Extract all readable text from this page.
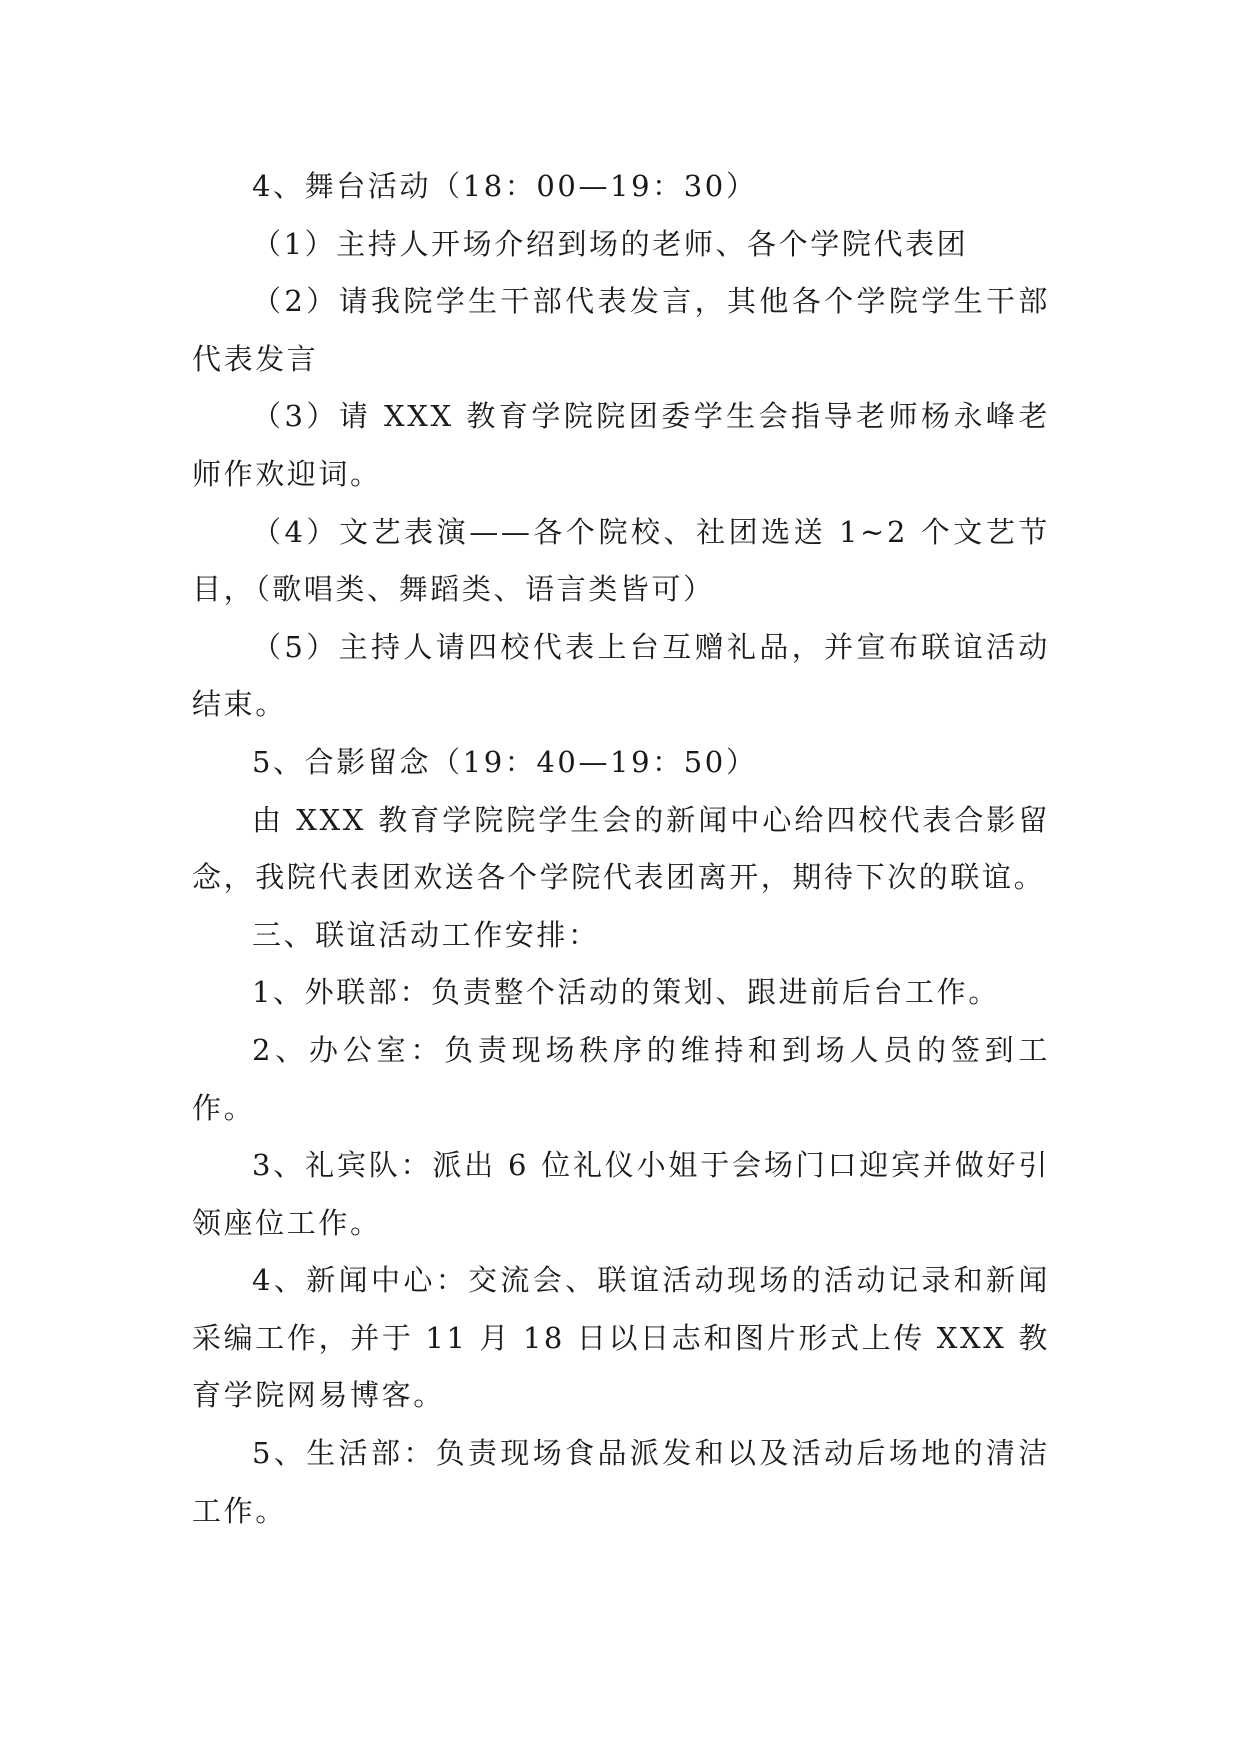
4、舞台活动（18：00—19：30）

（1）主持人开场介绍到场的老师、各个学院代表团

（2）请我院学生干部代表发言，其他各个学院学生干部代表发言

（3）请 XXX 教育学院院团委学生会指导老师杨永峰老师作欢迎词。

（4）文艺表演——各个院校、社团选送 1~2 个文艺节目，（歌唱类、舞蹈类、语言类皆可）

（5）主持人请四校代表上台互赠礼品，并宣布联谊活动结束。

5、合影留念（19：40—19：50）

由 XXX 教育学院院学生会的新闻中心给四校代表合影留念，我院代表团欢送各个学院代表团离开，期待下次的联谊。

三、联谊活动工作安排：

1、外联部：负责整个活动的策划、跟进前后台工作。

2、办公室：负责现场秩序的维持和到场人员的签到工作。

3、礼宾队：派出 6 位礼仪小姐于会场门口迎宾并做好引领座位工作。

4、新闻中心：交流会、联谊活动现场的活动记录和新闻采编工作，并于 11 月 18 日以日志和图片形式上传 XXX 教育学院网易博客。

5、生活部：负责现场食品派发和以及活动后场地的清洁工作。
